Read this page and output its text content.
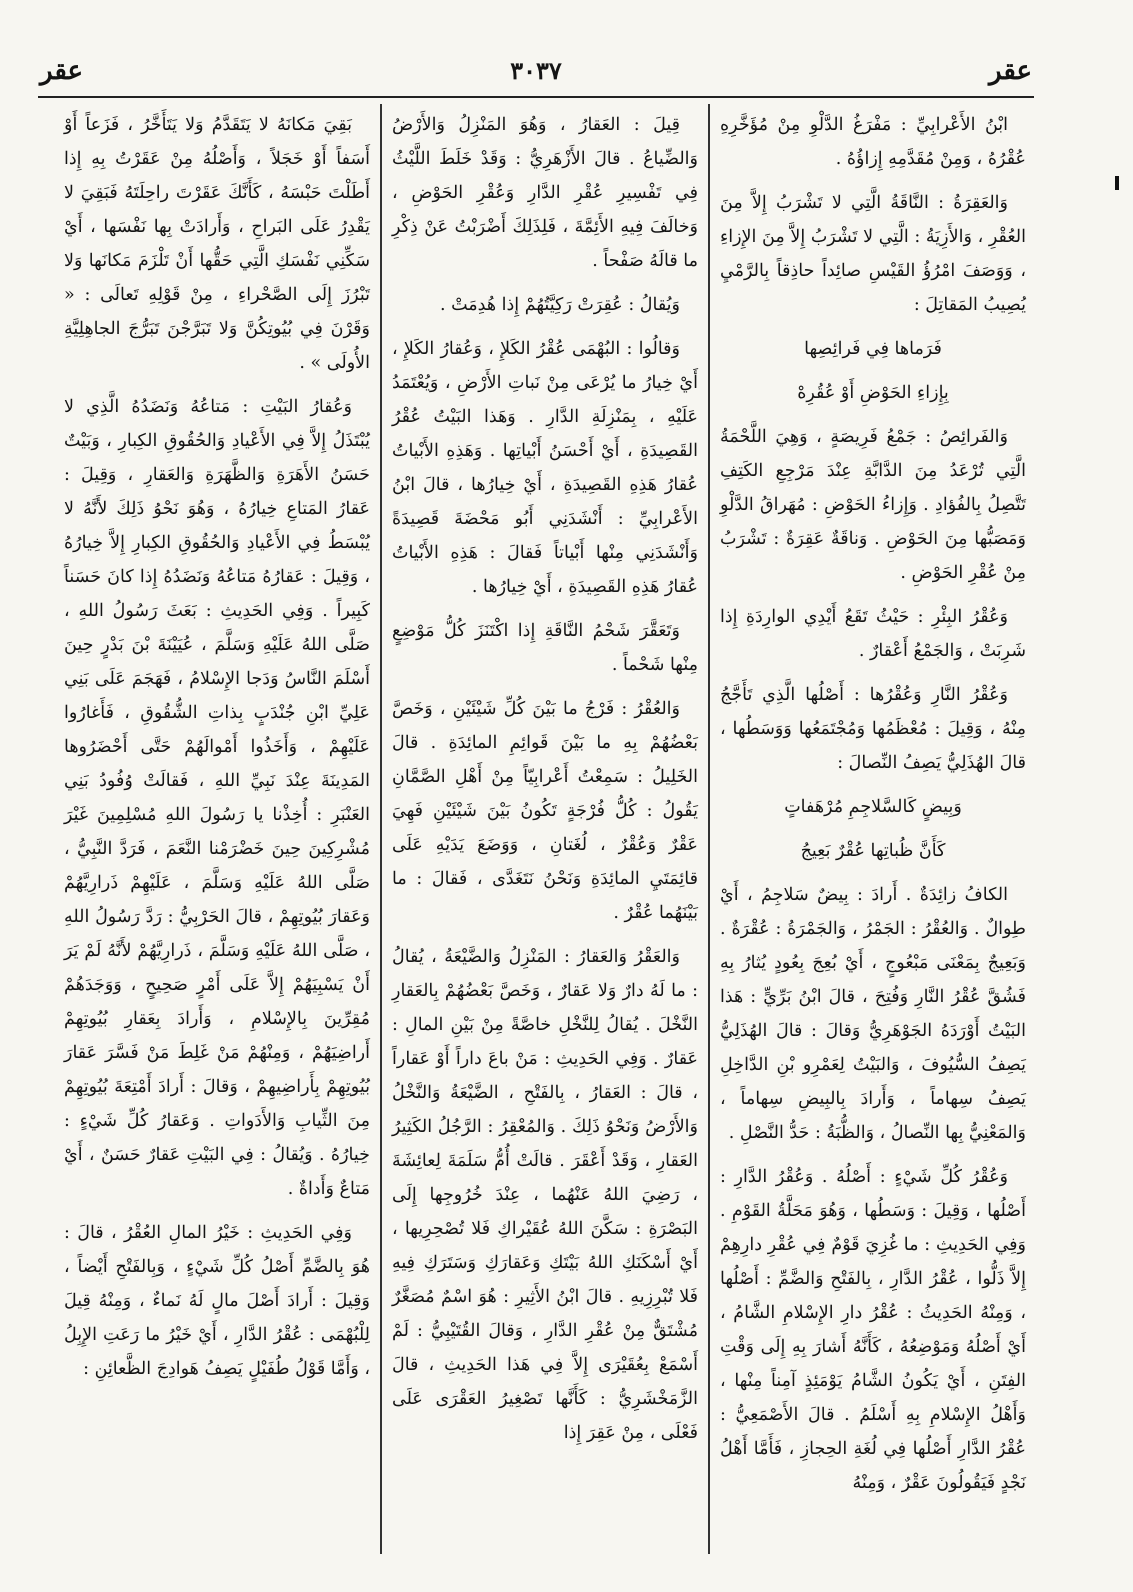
عقر
٣٠٣٧
عقر

ابْنُ الأَعْرابِيِّ : مَفْرَغُ الدَّلْوِ مِنْ مُؤَخَّرِهِ عُقْرُهُ ، وَمِنْ مُقَدَّمِهِ إِزاؤُهُ .

وَالعَقِرَةُ : النَّاقَةُ الَّتِي لا تَشْرَبُ إِلاَّ مِنَ العُقْرِ ، وَالأَزِيَةُ : الَّتِي لا تَشْرَبُ إِلاَّ مِنَ الإِزاءِ ، وَوَصَفَ امْرُؤُ القَيْسِ صائِداً حاذِقاً بِالرَّمْيِ يُصِيبُ المَقاتِلَ :

فَرَماها فِي فَرائِصِها

بِإِزاءِ الحَوْضِ أَوْ عُقُرِهْ

وَالفَرائِصُ : جَمْعُ فَرِيصَةٍ ، وَهِيَ اللَّحْمَةُ الَّتِي تُرْعَدُ مِنَ الدَّابَّةِ عِنْدَ مَرْجِعِ الكَتِفِ تَتَّصِلُ بِالفُؤادِ . وَإِزاءُ الحَوْضِ : مُهَراقُ الدَّلْوِ وَمَصَبُّها مِنَ الحَوْضِ . وَناقَةٌ عَقِرَةٌ : تَشْرَبُ مِنْ عُقْرِ الحَوْضِ .

وَعُقْرُ البِئْرِ : حَيْثُ تَقَعُ أَيْدِي الوارِدَةِ إِذا شَرِبَتْ ، وَالجَمْعُ أَعْقارٌ .

وَعُقْرُ النَّارِ وَعُقْرُها : أَصْلُها الَّذِي تَأَجَّجُ مِنْهُ ، وَقِيلَ : مُعْظَمُها وَمُجْتَمَعُها وَوَسَطُها ، قالَ الهُذَلِيُّ يَصِفُ النِّصالَ :

وَبِيضٍ كَالسَّلاجِمِ مُرْهَفاتٍ

كَأَنَّ ظُباتِها عُقْرٌ بَعِيجُ

الكافُ زائِدَةٌ . أَرادَ : بِيضٌ سَلاجِمُ ، أَيْ طِوالٌ . وَالعُقْرُ : الجَمْرُ ، وَالجَمْرَةُ : عُقْرَةٌ . وَبَعِيجٌ بِمَعْنَى مَبْعُوجٍ ، أَيْ بُعِجَ بِعُودٍ يُثارُ بِهِ فَشُقَّ عُقْرُ النَّارِ وَفُتِحَ ، قالَ ابْنُ بَرِّيٍّ : هَذا البَيْتُ أَوْرَدَهُ الجَوْهَرِيُّ وَقالَ : قالَ الهُذَلِيُّ يَصِفُ السُّيُوفَ ، وَالبَيْتُ لِعَمْرِو بْنِ الدَّاخِلِ يَصِفُ سِهاماً ، وَأَرادَ بِالبِيضِ سِهاماً ، وَالمَعْنِيُّ بِها النِّصالُ ، وَالظُّبَةُ : حَدُّ النَّصْلِ .

وَعُقْرُ كُلِّ شَيْءٍ : أَصْلُهُ . وَعُقْرُ الدَّارِ : أَصْلُها ، وَقِيلَ : وَسَطُها ، وَهُوَ مَحَلَّةُ القَوْمِ . وَفِي الحَدِيثِ : ما غُزِيَ قَوْمٌ فِي عُقْرِ دارِهِمْ إِلاَّ ذَلُّوا ، عُقْرُ الدَّارِ ، بِالفَتْحِ وَالضَّمِّ : أَصْلُها ، وَمِنْهُ الحَدِيثُ : عُقْرُ دارِ الإِسْلامِ الشَّامُ ، أَيْ أَصْلُهُ وَمَوْضِعُهُ ، كَأَنَّهُ أَشارَ بِهِ إِلَى وَقْتِ الفِتَنِ ، أَيْ يَكُونُ الشَّامُ يَوْمَئِذٍ آمِناً مِنْها ، وَأَهْلُ الإِسْلامِ بِهِ أَسْلَمُ . قالَ الأَصْمَعِيُّ : عُقْرُ الدَّارِ أَصْلُها فِي لُغَةِ الحِجازِ ، فَأَمَّا أَهْلُ نَجْدٍ فَيَقُولُونَ عَقْرٌ ، وَمِنْهُ

قِيلَ : العَقارُ ، وَهُوَ المَنْزِلُ وَالأَرْضُ وَالضِّياعُ . قالَ الأَزْهَرِيُّ : وَقَدْ خَلَطَ اللَّيْثُ فِي تَفْسِيرِ عُقْرِ الدَّارِ وَعُقْرِ الحَوْضِ ، وَخالَفَ فِيهِ الأَئِمَّةَ ، فَلِذَلِكَ أَضْرَبْتُ عَنْ ذِكْرِ ما قالَهُ صَفْحاً .

وَيُقالُ : عُقِرَتْ رَكِيَّتُهُمْ إِذا هُدِمَتْ .

وَقالُوا : البُهْمَى عُقْرُ الكَلإِ ، وَعُقارُ الكَلإِ ، أَيْ خِيارُ ما يُرْعَى مِنْ نَباتِ الأَرْضِ ، وَيُعْتَمَدُ عَلَيْهِ ، بِمَنْزِلَةِ الدَّارِ . وَهَذا البَيْتُ عُقْرُ القَصِيدَةِ ، أَيْ أَحْسَنُ أَبْياتِها . وَهَذِهِ الأَبْياتُ عُقارُ هَذِهِ القَصِيدَةِ ، أَيْ خِيارُها ، قالَ ابْنُ الأَعْرابِيِّ : أَنْشَدَنِي أَبُو مَحْضَةَ قَصِيدَةً وَأَنْشَدَنِي مِنْها أَبْياتاً فَقالَ : هَذِهِ الأَبْياتُ عُقارُ هَذِهِ القَصِيدَةِ ، أَيْ خِيارُها .

وَتَعَقَّرَ شَحْمُ النَّاقَةِ إِذا اكْتَنَزَ كُلُّ مَوْضِعٍ مِنْها شَحْماً .

وَالعُقْرُ : فَرْجُ ما بَيْنَ كُلِّ شَيْئَيْنِ ، وَخَصَّ بَعْضُهُمْ بِهِ ما بَيْنَ قَوائِمِ المائِدَةِ . قالَ الخَلِيلُ : سَمِعْتُ أَعْرابِيّاً مِنْ أَهْلِ الصَّمَّانِ يَقُولُ : كُلُّ فُرْجَةٍ تَكُونُ بَيْنَ شَيْئَيْنِ فَهِيَ عَقْرٌ وَعُقْرٌ ، لُغَتانِ ، وَوَضَعَ يَدَيْهِ عَلَى قائِمَتَيِ المائِدَةِ وَنَحْنُ نَتَغَدَّى ، فَقالَ : ما بَيْنَهُما عُقْرٌ .

وَالعَقْرُ وَالعَقارُ : المَنْزِلُ وَالضَّيْعَةُ ، يُقالُ : ما لَهُ دارٌ وَلا عَقارٌ ، وَخَصَّ بَعْضُهُمْ بِالعَقارِ النَّخْلَ . يُقالُ لِلنَّخْلِ خاصَّةً مِنْ بَيْنِ المالِ : عَقارٌ . وَفِي الحَدِيثِ : مَنْ باعَ داراً أَوْ عَقاراً ، قالَ : العَقارُ ، بِالفَتْحِ ، الضَّيْعَةُ وَالنَّخْلُ وَالأَرْضُ وَنَحْوُ ذَلِكَ . وَالمُعْقِرُ : الرَّجُلُ الكَثِيرُ العَقارِ ، وَقَدْ أَعْقَرَ . قالَتْ أُمُّ سَلَمَةَ لِعائِشَةَ ، رَضِيَ اللهُ عَنْهُما ، عِنْدَ خُرُوجِها إِلَى البَصْرَةِ : سَكَّنَ اللهُ عُقَيْراكِ فَلا تُصْحِرِيها ، أَيْ أَسْكَنَكِ اللهُ بَيْتَكِ وَعَقارَكِ وَسَتَرَكِ فِيهِ فَلا تُبْرِزِيهِ . قالَ ابْنُ الأَثِيرِ : هُوَ اسْمٌ مُصَغَّرٌ مُشْتَقٌّ مِنْ عُقْرِ الدَّارِ ، وَقالَ القُتَيْبِيُّ : لَمْ أَسْمَعْ بِعُقَيْرَى إِلاَّ فِي هَذا الحَدِيثِ ، قالَ الزَّمَخْشَرِيُّ : كَأَنَّها تَصْغِيرُ العَقْرَى عَلَى فَعْلَى ، مِنْ عَقِرَ إِذا

بَقِيَ مَكانَهُ لا يَتَقَدَّمُ وَلا يَتَأَخَّرُ ، فَزَعاً أَوْ أَسَفاً أَوْ خَجَلاً ، وَأَصْلُهُ مِنْ عَقَرْتُ بِهِ إِذا أَطَلْتَ حَبْسَهُ ، كَأَنَّكَ عَقَرْتَ راحِلَتَهُ فَبَقِيَ لا يَقْدِرُ عَلَى البَراحِ ، وَأَرادَتْ بِها نَفْسَها ، أَيْ سَكِّنِي نَفْسَكِ الَّتِي حَقُّها أَنْ تَلْزَمَ مَكانَها وَلا تَبْرُزَ إِلَى الصَّحْراءِ ، مِنْ قَوْلِهِ تَعالَى : « وَقَرْنَ فِي بُيُوتِكُنَّ وَلا تَبَرَّجْنَ تَبَرُّجَ الجاهِلِيَّةِ الأُولَى » .

وَعُقارُ البَيْتِ : مَتاعُهُ وَنَضَدُهُ الَّذِي لا يُبْتَذَلُ إِلاَّ فِي الأَعْيادِ وَالحُقُوقِ الكِبارِ ، وَبَيْتٌ حَسَنُ الأَهَرَةِ وَالظَّهَرَةِ وَالعَقارِ ، وَقِيلَ : عَقارُ المَتاعِ خِيارُهُ ، وَهُوَ نَحْوُ ذَلِكَ لأَنَّهُ لا يُبْسَطُ فِي الأَعْيادِ وَالحُقُوقِ الكِبارِ إِلاَّ خِيارُهُ ، وَقِيلَ : عَقارُهُ مَتاعُهُ وَنَضَدُهُ إِذا كانَ حَسَناً كَبِيراً . وَفِي الحَدِيثِ : بَعَثَ رَسُولُ اللهِ ، صَلَّى اللهُ عَلَيْهِ وَسَلَّمَ ، عُيَيْنَةَ بْنَ بَدْرٍ حِينَ أَسْلَمَ النَّاسُ وَدَجا الإِسْلامُ ، فَهَجَمَ عَلَى بَنِي عَلِيِّ ابْنِ جُنْدَبٍ بِذاتِ الشُّقُوقِ ، فَأَغارُوا عَلَيْهِمْ ، وَأَخَذُوا أَمْوالَهُمْ حَتَّى أَحْضَرُوها المَدِينَةَ عِنْدَ نَبِيِّ اللهِ ، فَقالَتْ وُفُودُ بَنِي العَنْبَرِ : أُخِذْنا يا رَسُولَ اللهِ مُسْلِمِينَ غَيْرَ مُشْرِكِينَ حِينَ خَضْرَمْنا النَّعَمَ ، فَرَدَّ النَّبِيُّ ، صَلَّى اللهُ عَلَيْهِ وَسَلَّمَ ، عَلَيْهِمْ ذَرارِيَّهُمْ وَعَقارَ بُيُوتِهِمْ ، قالَ الحَرْبِيُّ : رَدَّ رَسُولُ اللهِ ، صَلَّى اللهُ عَلَيْهِ وَسَلَّمَ ، ذَرارِيَّهُمْ لأَنَّهُ لَمْ يَرَ أَنْ يَسْبِيَهُمْ إِلاَّ عَلَى أَمْرٍ صَحِيحٍ ، وَوَجَدَهُمْ مُقِرِّينَ بِالإِسْلامِ ، وَأَرادَ بِعَقارِ بُيُوتِهِمْ أَراضِيَهُمْ ، وَمِنْهُمْ مَنْ غَلِطَ مَنْ فَسَّرَ عَقارَ بُيُوتِهِمْ بِأَراضِيهِمْ ، وَقالَ : أَرادَ أَمْتِعَةَ بُيُوتِهِمْ مِنَ الثِّيابِ وَالأَدَواتِ . وَعَقارُ كُلِّ شَيْءٍ : خِيارُهُ . وَيُقالُ : فِي البَيْتِ عَقارٌ حَسَنٌ ، أَيْ مَتاعٌ وَأَداةٌ .

وَفِي الحَدِيثِ : خَيْرُ المالِ العُقْرُ ، قالَ : هُوَ بِالضَّمِّ أَصْلُ كُلِّ شَيْءٍ ، وَبِالفَتْحِ أَيْضاً ، وَقِيلَ : أَرادَ أَصْلَ مالٍ لَهُ نَماءٌ ، وَمِنْهُ قِيلَ لِلْبُهْمَى : عُقْرُ الدَّارِ ، أَيْ خَيْرُ ما رَعَتِ الإِبِلُ ، وَأَمَّا قَوْلُ طُفَيْلٍ يَصِفُ هَوادِجَ الظَّعائِنِ :
